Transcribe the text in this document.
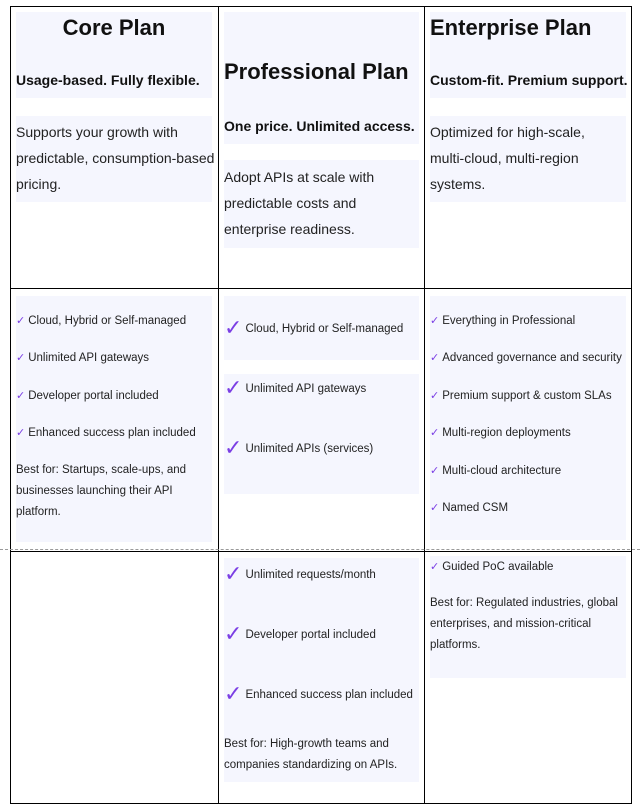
Core Plan
Usage-based. Fully flexible.
Supports your growth with predictable, consumption-based pricing.
✓ Cloud, Hybrid or Self-managed
✓ Unlimited API gateways
✓ Developer portal included
✓ Enhanced success plan included
Best for: Startups, scale-ups, and businesses launching their API platform.
Professional Plan
One price. Unlimited access.
Adopt APIs at scale with predictable costs and enterprise readiness.
✓ Cloud, Hybrid or Self-managed
✓ Unlimited API gateways
✓ Unlimited APIs (services)
✓ Unlimited requests/month
✓ Developer portal included
✓ Enhanced success plan included
Best for: High-growth teams and companies standardizing on APIs.
Enterprise Plan
Custom-fit. Premium support.
Optimized for high-scale, multi-cloud, multi-region systems.
✓ Everything in Professional
✓ Advanced governance and security
✓ Premium support & custom SLAs
✓ Multi-region deployments
✓ Multi-cloud architecture
✓ Named CSM
✓ Guided PoC available
Best for: Regulated industries, global enterprises, and mission-critical platforms.
